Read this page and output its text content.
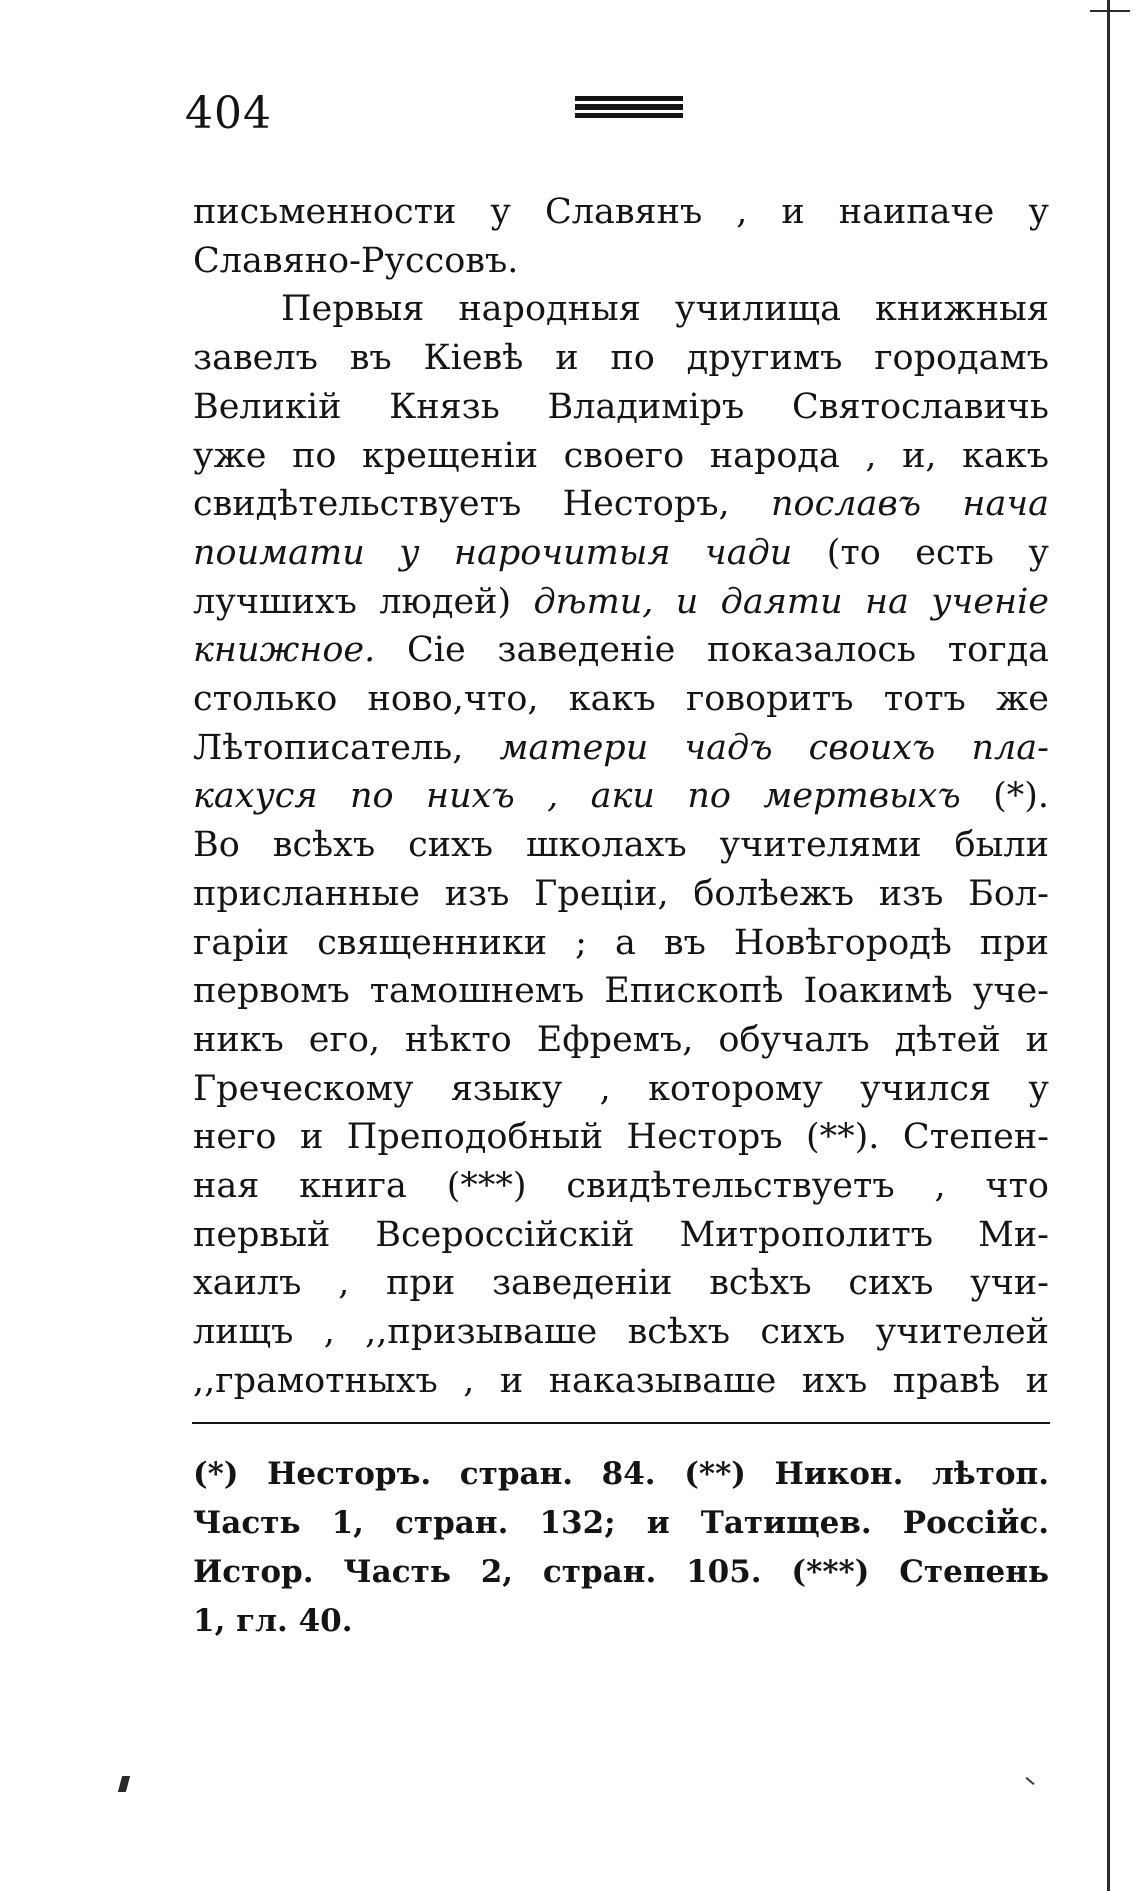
404
письменности у Славянъ , и наипаче у
Славяно-Руссовъ.
Первыя народныя училища книжныя
завелъ въ Кіевѣ и по другимъ городамъ
Великій Князь Владиміръ Святославичь
уже по крещеніи своего народа , и, какъ
свидѣтельствуетъ Несторъ, пославъ нача
поимати у нарочитыя чади (то есть у
лучшихъ людей) дѣти, и даяти на ученіе
книжное. Сіе заведеніе показалось тогда
столько ново,что, какъ говоритъ тотъ же
Лѣтописатель, матери чадъ своихъ пла-
кахуся по нихъ , аки по мертвыхъ (*).
Во всѣхъ сихъ школахъ учителями были
присланные изъ Греціи, болѣежъ изъ Бол-
гаріи священники ; а въ Новѣгородѣ при
первомъ тамошнемъ Епископѣ Іоакимѣ уче-
никъ его, нѣкто Ефремъ, обучалъ дѣтей и
Греческому языку , которому учился у
него и Преподобный Несторъ (**). Степен-
ная книга (***) свидѣтельствуетъ , что
первый Всероссійскій Митрополитъ Ми-
хаилъ , при заведеніи всѣхъ сихъ учи-
лищъ , ,,призываше всѣхъ сихъ учителей
,,грамотныхъ , и наказываше ихъ правѣ и
(*) Несторъ. стран. 84. (**) Никон. лѣтоп.
Часть 1, стран. 132; и Татищев. Россійс.
Истор. Часть 2, стран. 105. (***) Степень
1, гл. 40.
